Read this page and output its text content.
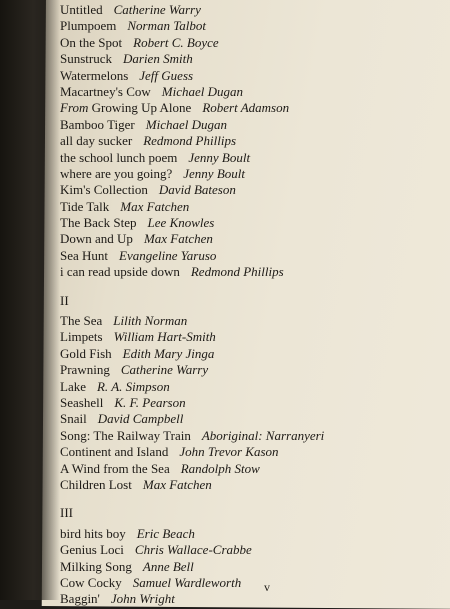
Untitled Catherine Warry
Plumpoem Norman Talbot
On the Spot Robert C. Boyce
Sunstruck Darien Smith
Watermelons Jeff Guess
Macartney's Cow Michael Dugan
From Growing Up Alone Robert Adamson
Bamboo Tiger Michael Dugan
all day sucker Redmond Phillips
the school lunch poem Jenny Boult
where are you going? Jenny Boult
Kim's Collection David Bateson
Tide Talk Max Fatchen
The Back Step Lee Knowles
Down and Up Max Fatchen
Sea Hunt Evangeline Yaruso
i can read upside down Redmond Phillips
II
The Sea Lilith Norman
Limpets William Hart-Smith
Gold Fish Edith Mary Jinga
Prawning Catherine Warry
Lake R. A. Simpson
Seashell K. F. Pearson
Snail David Campbell
Song: The Railway Train Aboriginal: Narranyeri
Continent and Island John Trevor Kason
A Wind from the Sea Randolph Stow
Children Lost Max Fatchen
III
bird hits boy Eric Beach
Genius Loci Chris Wallace-Crabbe
Milking Song Anne Bell
Cow Cocky Samuel Wardleworth
Baggin' John Wright
v
